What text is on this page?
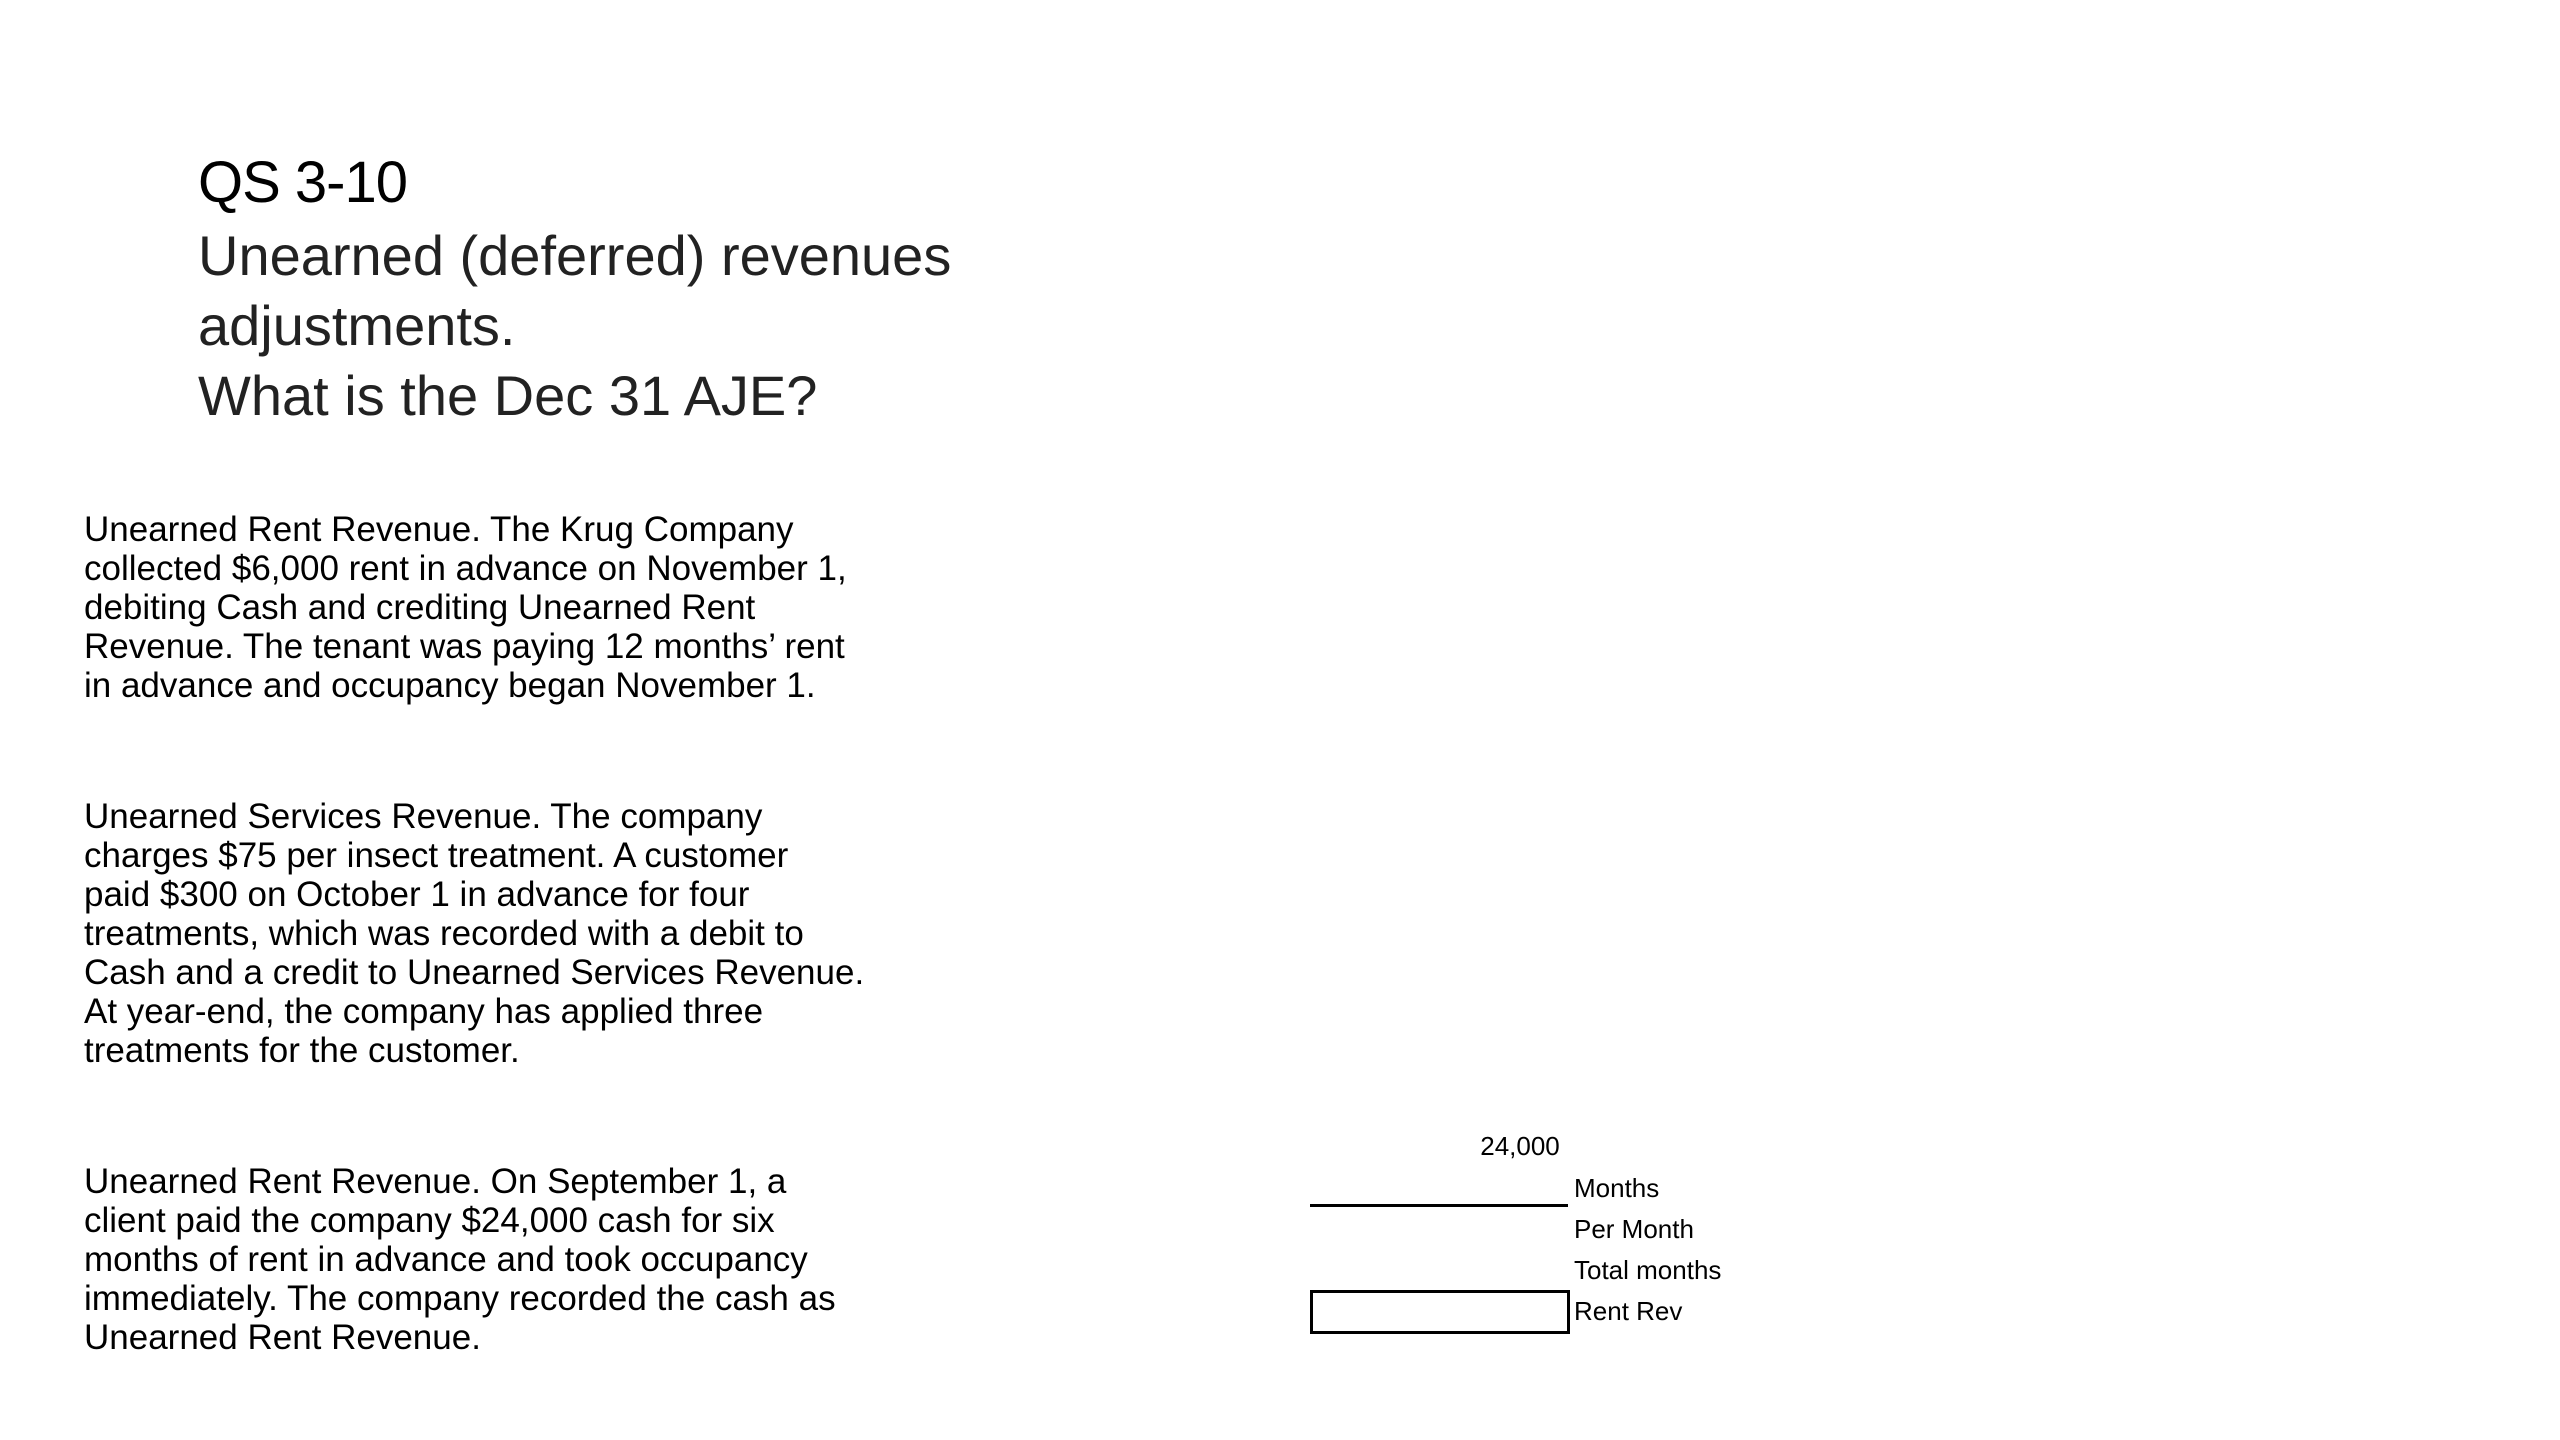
QS 3-10
Unearned (deferred) revenues
adjustments.
What is the Dec 31 AJE?
Unearned Rent Revenue. The Krug Company
collected $6,000 rent in advance on November 1,
debiting Cash and crediting Unearned Rent
Revenue. The tenant was paying 12 months’ rent
in advance and occupancy began November 1.
Unearned Services Revenue. The company
charges $75 per insect treatment. A customer
paid $300 on October 1 in advance for four
treatments, which was recorded with a debit to
Cash and a credit to Unearned Services Revenue.
At year-end, the company has applied three
treatments for the customer.
Unearned Rent Revenue. On September 1, a
client paid the company $24,000 cash for six
months of rent in advance and took occupancy
immediately. The company recorded the cash as
Unearned Rent Revenue.
24,000
Months
Per Month
Total months
Rent Rev
